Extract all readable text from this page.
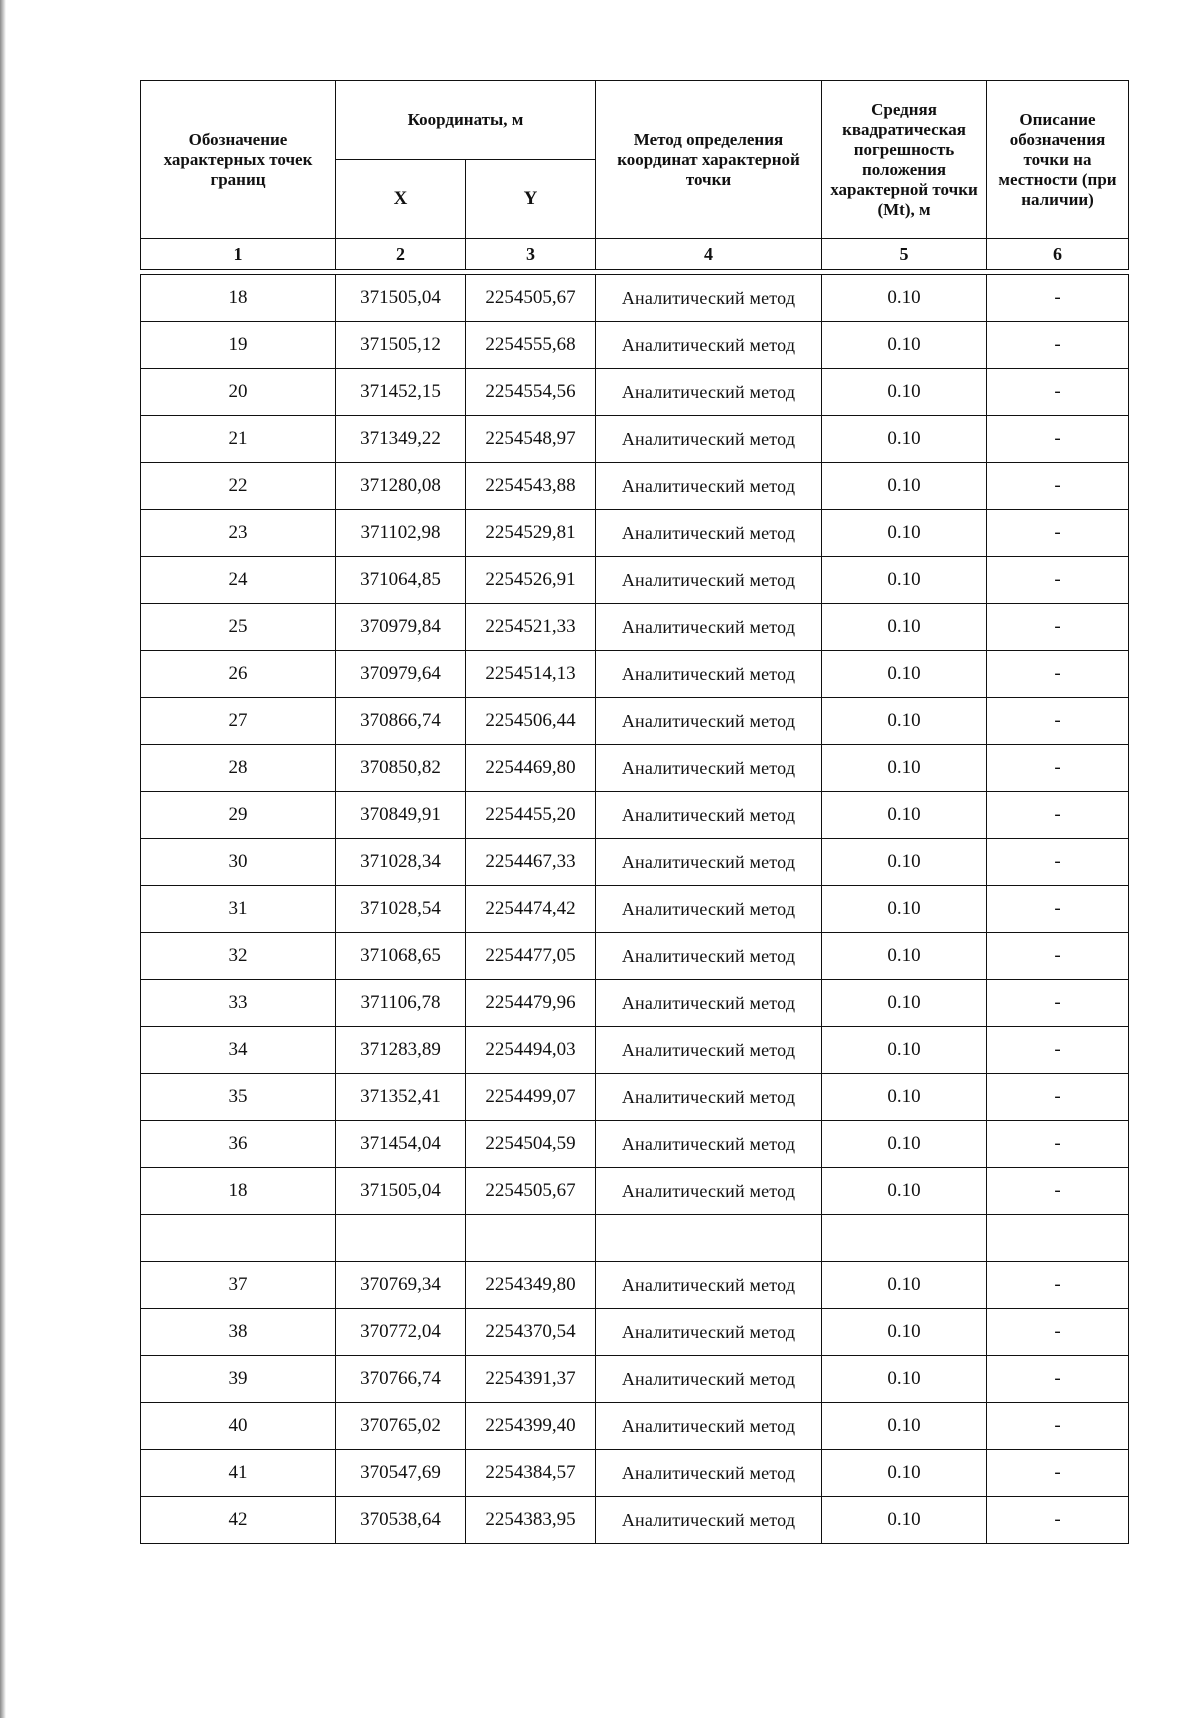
Обозначение характерных точек границ	Координаты, м		Метод определения координат характерной точки	Средняя квадратическая погрешность положения характерной точки (Mt), м	Описание обозначения точки на местности (при наличии)
	X	Y			
1	2	3	4	5	6

18	371505,04	2254505,67	Аналитический метод	0.10	-
19	371505,12	2254555,68	Аналитический метод	0.10	-
20	371452,15	2254554,56	Аналитический метод	0.10	-
21	371349,22	2254548,97	Аналитический метод	0.10	-
22	371280,08	2254543,88	Аналитический метод	0.10	-
23	371102,98	2254529,81	Аналитический метод	0.10	-
24	371064,85	2254526,91	Аналитический метод	0.10	-
25	370979,84	2254521,33	Аналитический метод	0.10	-
26	370979,64	2254514,13	Аналитический метод	0.10	-
27	370866,74	2254506,44	Аналитический метод	0.10	-
28	370850,82	2254469,80	Аналитический метод	0.10	-
29	370849,91	2254455,20	Аналитический метод	0.10	-
30	371028,34	2254467,33	Аналитический метод	0.10	-
31	371028,54	2254474,42	Аналитический метод	0.10	-
32	371068,65	2254477,05	Аналитический метод	0.10	-
33	371106,78	2254479,96	Аналитический метод	0.10	-
34	371283,89	2254494,03	Аналитический метод	0.10	-
35	371352,41	2254499,07	Аналитический метод	0.10	-
36	371454,04	2254504,59	Аналитический метод	0.10	-
18	371505,04	2254505,67	Аналитический метод	0.10	-

37	370769,34	2254349,80	Аналитический метод	0.10	-
38	370772,04	2254370,54	Аналитический метод	0.10	-
39	370766,74	2254391,37	Аналитический метод	0.10	-
40	370765,02	2254399,40	Аналитический метод	0.10	-
41	370547,69	2254384,57	Аналитический метод	0.10	-
42	370538,64	2254383,95	Аналитический метод	0.10	-
